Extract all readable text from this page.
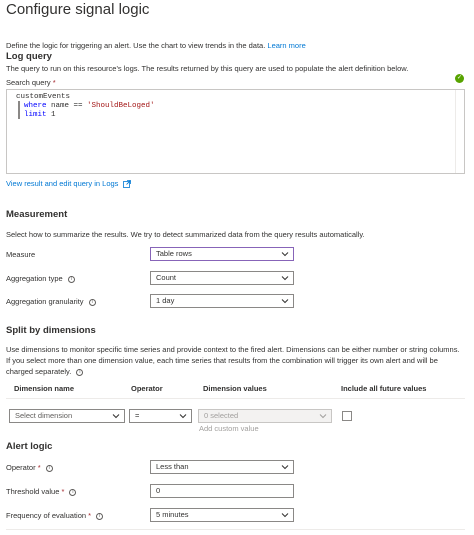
Configure signal logic
Define the logic for triggering an alert. Use the chart to view trends in the data. Learn more
Log query
The query to run on this resource's logs. The results returned by this query are used to populate the alert definition below.
Search query *	✓
customEvents
where name == 'ShouldBeLoged'
limit 1
View result and edit query in Logs
Measurement
Select how to summarize the results. We try to detect summarized data from the query results automatically.
Measure	Table rows
Aggregation type i	Count
Aggregation granularity i	1 day
Split by dimensions
Use dimensions to monitor specific time series and provide context to the fired alert. Dimensions can be either number or string columns.
If you select more than one dimension value, each time series that results from the combination will trigger its own alert and will be
charged separately. i
Dimension name	Operator	Dimension values	Include all future values
Select dimension	=	0 selected
Add custom value
Alert logic
Operator * i	Less than
Threshold value * i	0
Frequency of evaluation * i	5 minutes
